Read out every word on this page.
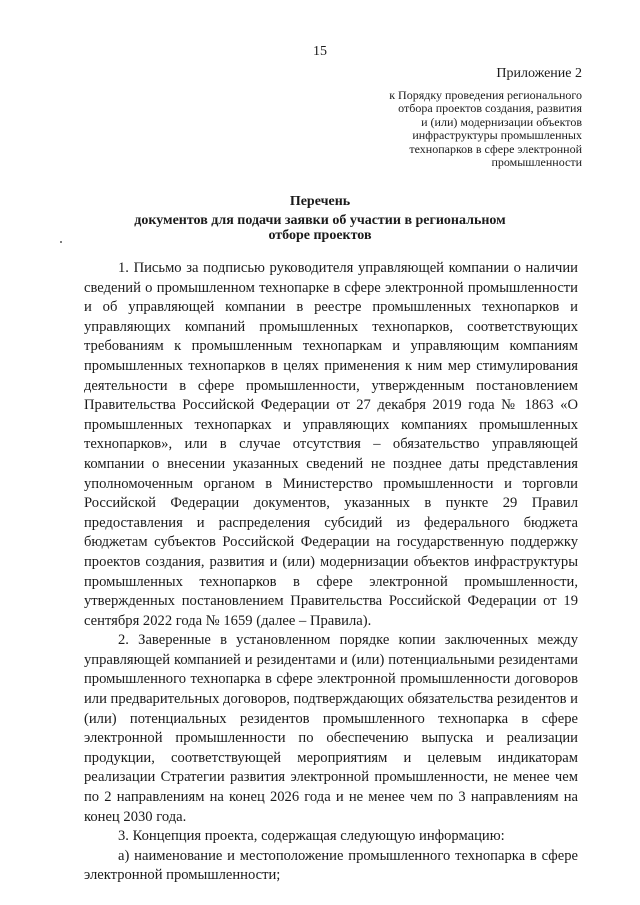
15
Приложение 2
к Порядку проведения регионального
отбора проектов создания, развития
и (или) модернизации объектов
инфраструктуры промышленных
технопарков в сфере электронной
промышленности
Перечень
документов для подачи заявки об участии в региональном
отборе проектов

1. Письмо за подписью руководителя управляющей компании о наличии сведений о промышленном технопарке в сфере электронной промышленности и об управляющей компании в реестре промышленных технопарков и управляющих компаний промышленных технопарков, соответствующих требованиям к промышленным технопаркам и управляющим компаниям промышленных технопарков в целях применения к ним мер стимулирования деятельности в сфере промышленности, утвержденным постановлением Правительства Российской Федерации от 27 декабря 2019 года № 1863 «О промышленных технопарках и управляющих компаниях промышленных технопарков», или в случае отсутствия – обязательство управляющей компании о внесении указанных сведений не позднее даты представления уполномоченным органом в Министерство промышленности и торговли Российской Федерации документов, указанных в пункте 29 Правил предоставления и распределения субсидий из федерального бюджета бюджетам субъектов Российской Федерации на государственную поддержку проектов создания, развития и (или) модернизации объектов инфраструктуры промышленных технопарков в сфере электронной промышленности, утвержденных постановлением Правительства Российской Федерации от 19 сентября 2022 года № 1659 (далее – Правила).

2. Заверенные в установленном порядке копии заключенных между управляющей компанией и резидентами и (или) потенциальными резидентами промышленного технопарка в сфере электронной промышленности договоров или предварительных договоров, подтверждающих обязательства резидентов и (или) потенциальных резидентов промышленного технопарка в сфере электронной промышленности по обеспечению выпуска и реализации продукции, соответствующей мероприятиям и целевым индикаторам реализации Стратегии развития электронной промышленности, не менее чем по 2 направлениям на конец 2026 года и не менее чем по 3 направлениям на конец 2030 года.

3. Концепция проекта, содержащая следующую информацию:

а) наименование и местоположение промышленного технопарка в сфере электронной промышленности;
